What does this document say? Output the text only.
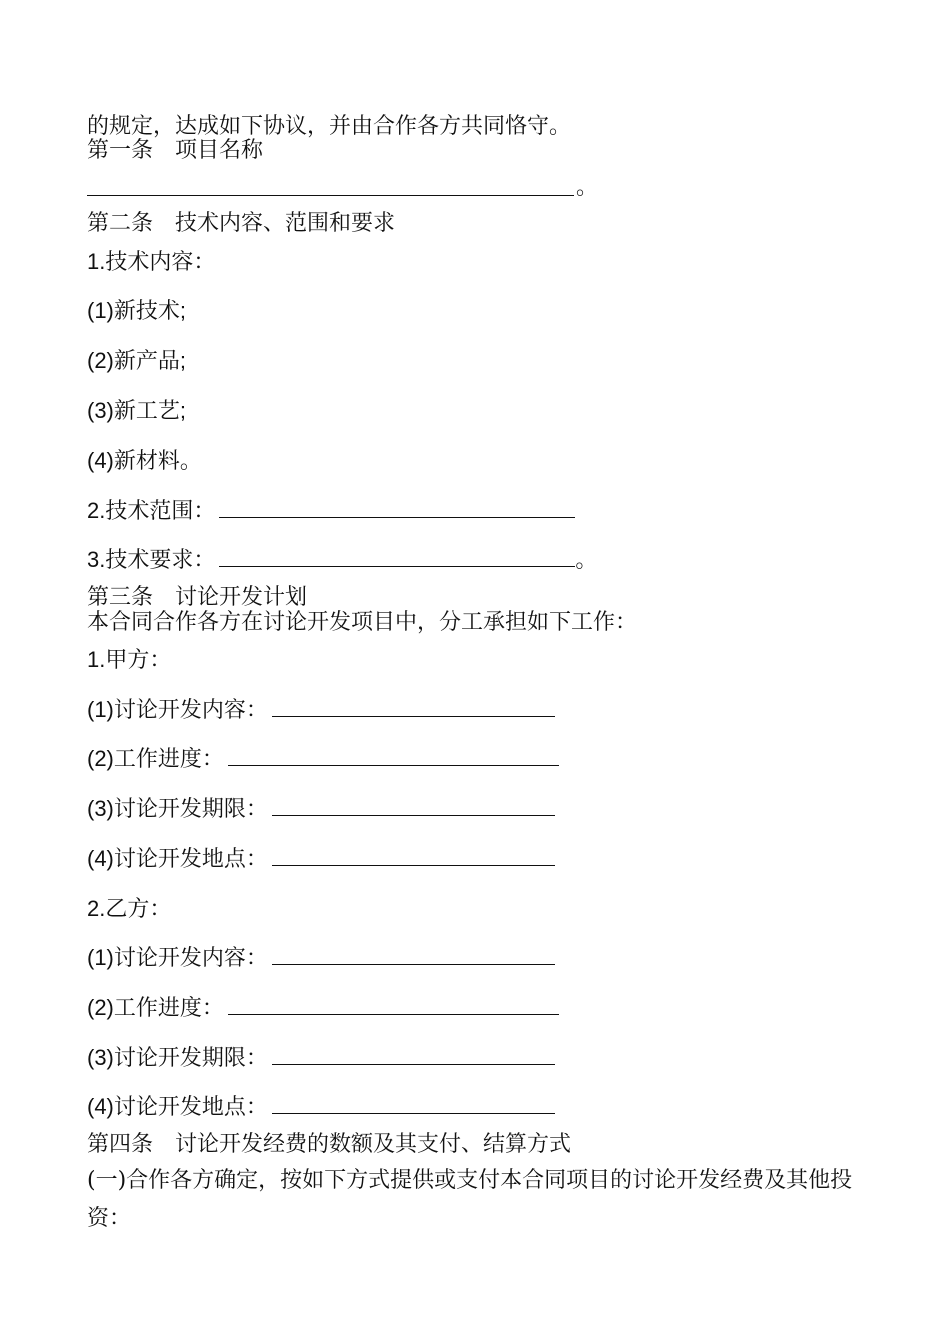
的规定，达成如下协议，并由合作各方共同恪守。
第一条　项目名称
。
第二条　技术内容、范围和要求
1.技术内容：
(1)新技术;
(2)新产品;
(3)新工艺;
(4)新材料。
2.技术范围：
3.技术要求：	。
第三条　讨论开发计划
本合同合作各方在讨论开发项目中，分工承担如下工作：
1.甲方：
(1)讨论开发内容：
(2)工作进度：
(3)讨论开发期限：
(4)讨论开发地点：
2.乙方：
(1)讨论开发内容：
(2)工作进度：
(3)讨论开发期限：
(4)讨论开发地点：
第四条　讨论开发经费的数额及其支付、结算方式
(一)合作各方确定，按如下方式提供或支付本合同项目的讨论开发经费及其他投资：
